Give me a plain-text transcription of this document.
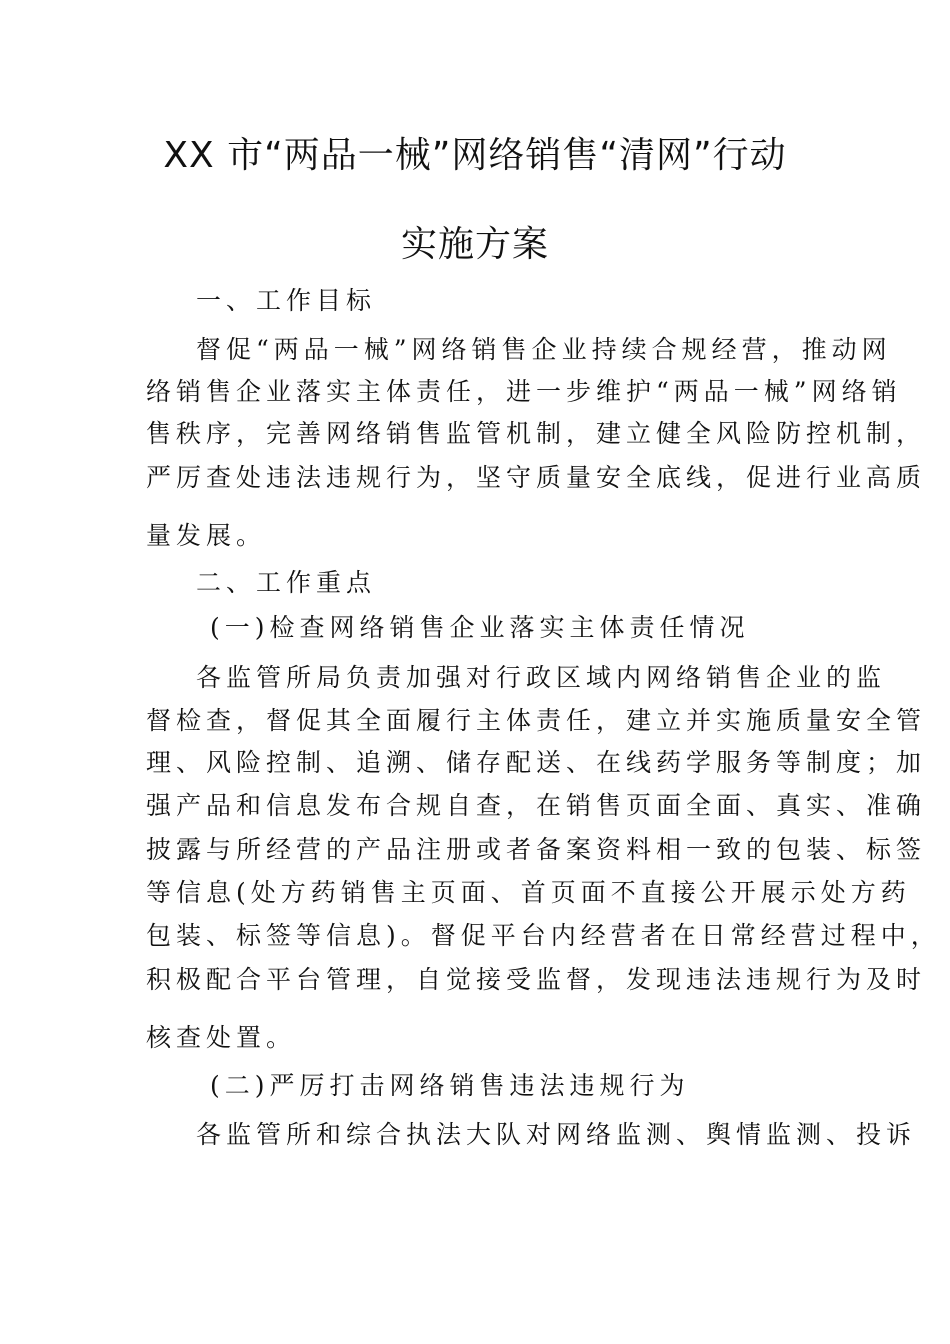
XX 市“两品一械”网络销售“清网”行动
实施方案
一、工作目标
督促“两品一械”网络销售企业持续合规经营，推动网
络销售企业落实主体责任，进一步维护“两品一械”网络销
售秩序，完善网络销售监管机制，建立健全风险防控机制，
严厉查处违法违规行为，坚守质量安全底线，促进行业高质
量发展。
二、工作重点
(一)检查网络销售企业落实主体责任情况
各监管所局负责加强对行政区域内网络销售企业的监
督检查，督促其全面履行主体责任，建立并实施质量安全管
理、风险控制、追溯、储存配送、在线药学服务等制度；加
强产品和信息发布合规自查，在销售页面全面、真实、准确
披露与所经营的产品注册或者备案资料相一致的包装、标签
等信息(处方药销售主页面、首页面不直接公开展示处方药
包装、标签等信息)。督促平台内经营者在日常经营过程中，
积极配合平台管理，自觉接受监督，发现违法违规行为及时
核查处置。
(二)严厉打击网络销售违法违规行为
各监管所和综合执法大队对网络监测、舆情监测、投诉
